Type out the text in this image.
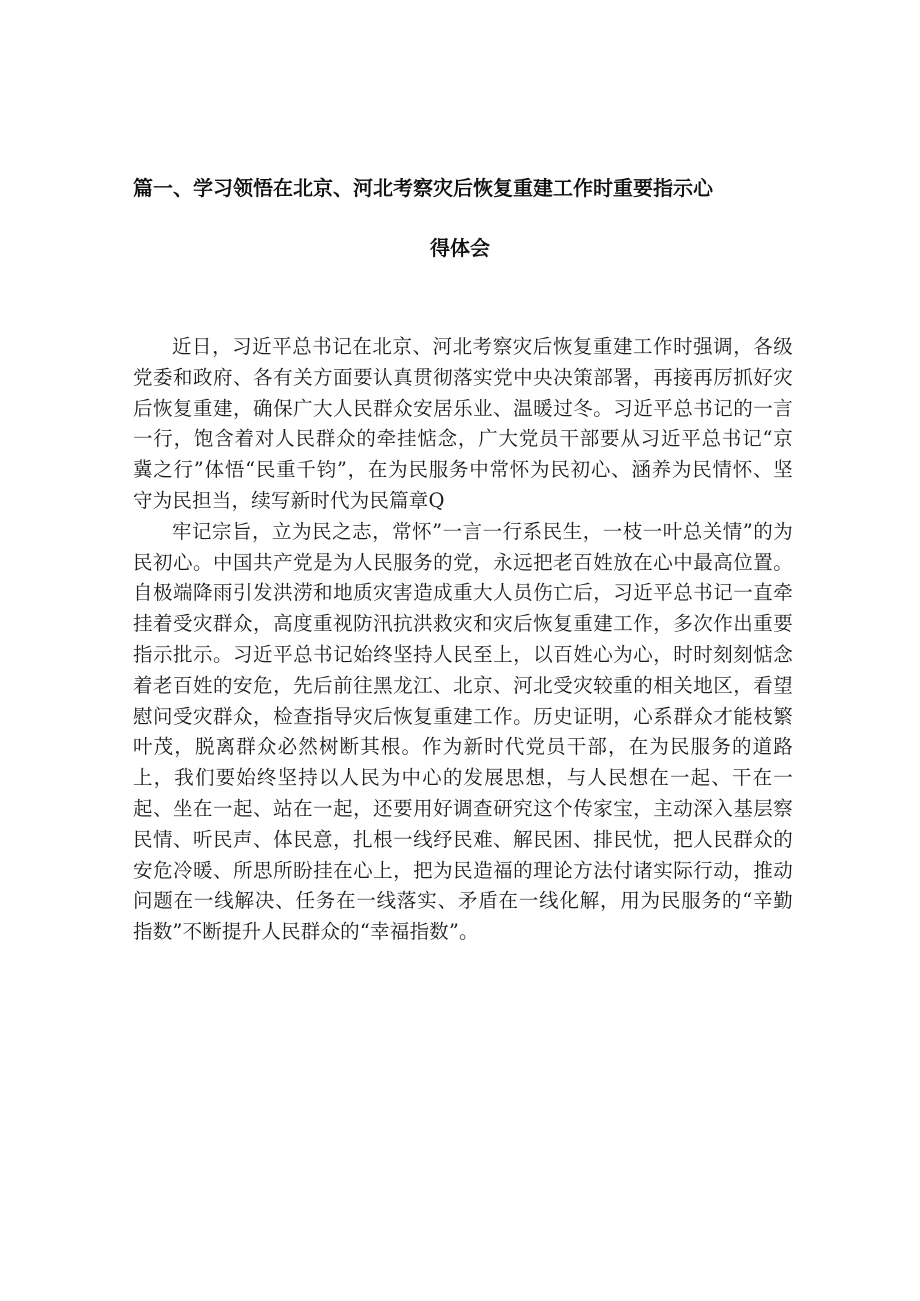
篇一、学习领悟在北京、河北考察灾后恢复重建工作时重要指示心
得体会

近日，习近平总书记在北京、河北考察灾后恢复重建工作时强调，各级党委和政府、各有关方面要认真贯彻落实党中央决策部署，再接再厉抓好灾后恢复重建，确保广大人民群众安居乐业、温暖过冬。习近平总书记的一言一行，饱含着对人民群众的牵挂惦念，广大党员干部要从习近平总书记“京冀之行”体悟“民重千钧”，在为民服务中常怀为民初心、涵养为民情怀、坚守为民担当，续写新时代为民篇章Q

牢记宗旨，立为民之志，常怀”一言一行系民生，一枝一叶总关情”的为民初心。中国共产党是为人民服务的党，永远把老百姓放在心中最高位置。自极端降雨引发洪涝和地质灾害造成重大人员伤亡后，习近平总书记一直牵挂着受灾群众，高度重视防汛抗洪救灾和灾后恢复重建工作，多次作出重要指示批示。习近平总书记始终坚持人民至上，以百姓心为心，时时刻刻惦念着老百姓的安危，先后前往黑龙江、北京、河北受灾较重的相关地区，看望慰问受灾群众，检查指导灾后恢复重建工作。历史证明，心系群众才能枝繁叶茂，脱离群众必然树断其根。作为新时代党员干部，在为民服务的道路上，我们要始终坚持以人民为中心的发展思想，与人民想在一起、干在一起、坐在一起、站在一起，还要用好调查研究这个传家宝，主动深入基层察民情、听民声、体民意，扎根一线纾民难、解民困、排民忧，把人民群众的安危冷暖、所思所盼挂在心上，把为民造福的理论方法付诸实际行动，推动问题在一线解决、任务在一线落实、矛盾在一线化解，用为民服务的“辛勤指数”不断提升人民群众的“幸福指数”。
